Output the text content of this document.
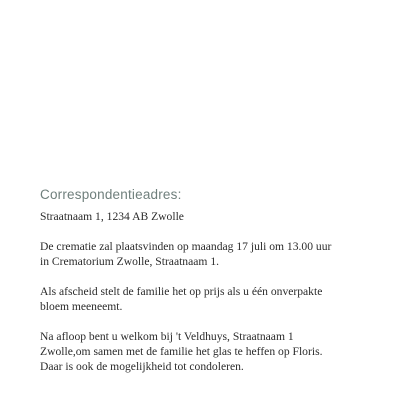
Correspondentieadres:

Straatnaam 1, 1234 AB Zwolle

De crematie zal plaatsvinden op maandag 17 juli om 13.00 uur
in Crematorium Zwolle, Straatnaam 1.

Als afscheid stelt de familie het op prijs als u één onverpakte
bloem meeneemt.

Na afloop bent u welkom bij 't Veldhuys, Straatnaam 1
Zwolle,om samen met de familie het glas te heffen op Floris.
Daar is ook de mogelijkheid tot condoleren.
